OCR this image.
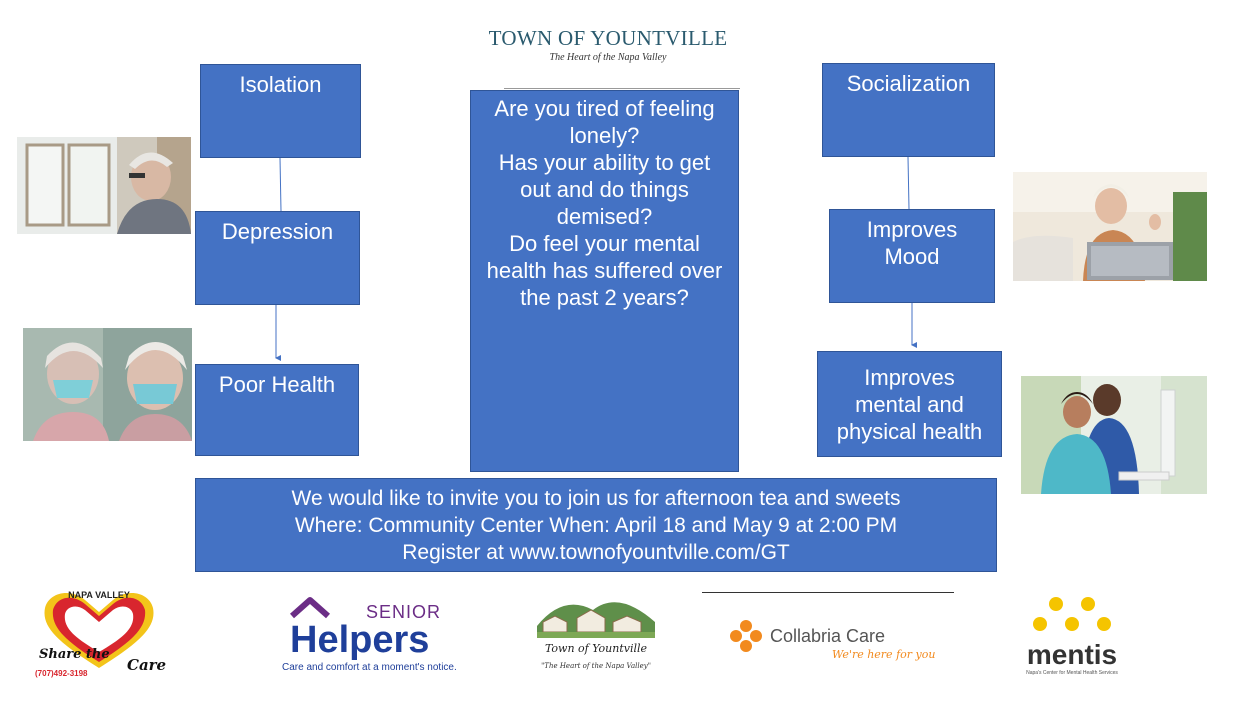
TOWN OF YOUNTVILLE
The Heart of the Napa Valley
Isolation
Depression
Poor Health
Are you tired of feeling
lonely?
Has your ability to get
out and do things
demised?
Do feel your mental
health has suffered over
the past 2 years?
Socialization
Improves
Mood
Improves
mental and
physical health
We would like to invite you to join us for afternoon tea and sweets
Where: Community Center When: April 18 and May 9 at 2:00 PM
Register at www.townofyountville.com/GT
NAPA VALLEY
Share the
Care
(707)492-3198
SENIOR
Helpers
Care and comfort at a moment's notice.
Town of Yountville
"The Heart of the Napa Valley"
Collabria Care
We're here for you	mentis
Napa's Center for Mental Health Services
